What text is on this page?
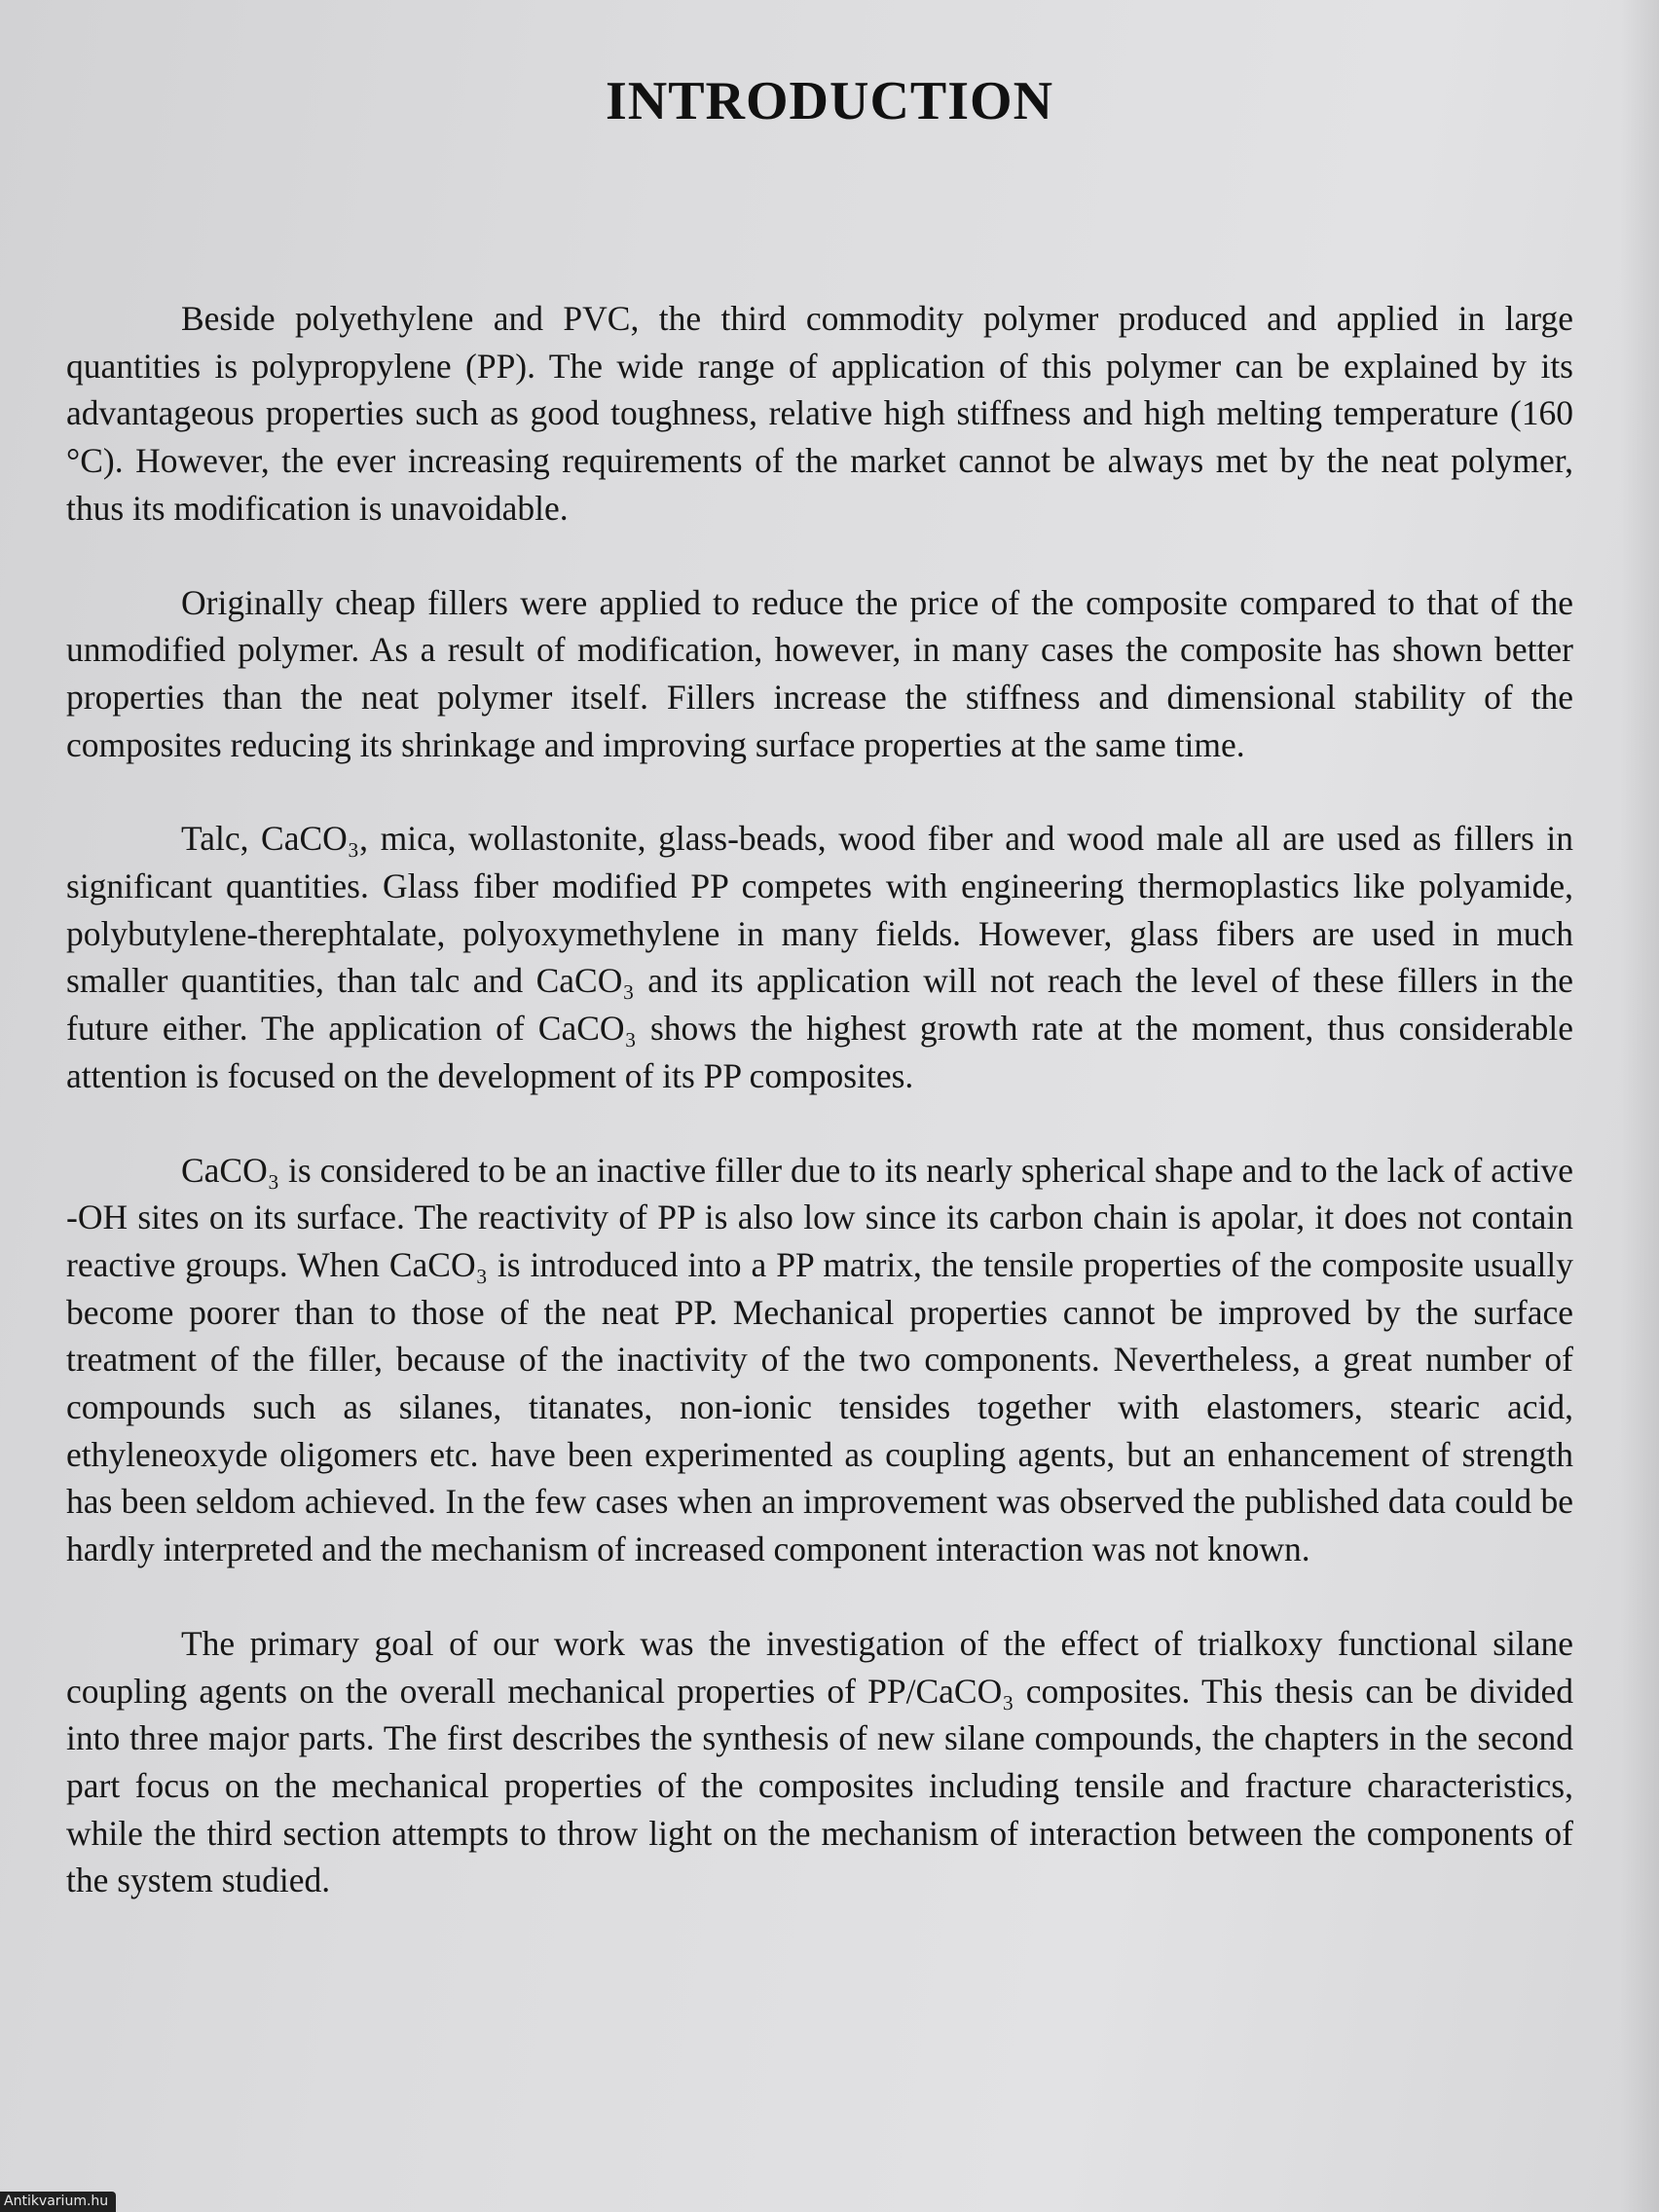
INTRODUCTION

Beside polyethylene and PVC, the third commodity polymer produced and applied in large quantities is polypropylene (PP). The wide range of application of this polymer can be explained by its advantageous properties such as good toughness, relative high stiffness and high melting temperature (160 °C). However, the ever increasing requirements of the market cannot be always met by the neat polymer, thus its modification is unavoidable.

Originally cheap fillers were applied to reduce the price of the composite compared to that of the unmodified polymer. As a result of modification, however, in many cases the composite has shown better properties than the neat polymer itself. Fillers increase the stiffness and dimensional stability of the composites reducing its shrinkage and improving surface properties at the same time.

Talc, CaCO₃, mica, wollastonite, glass-beads, wood fiber and wood male all are used as fillers in significant quantities. Glass fiber modified PP competes with engineering thermoplastics like polyamide, polybutylene-therephtalate, polyoxymethylene in many fields. However, glass fibers are used in much smaller quantities, than talc and CaCO₃ and its application will not reach the level of these fillers in the future either. The application of CaCO₃ shows the highest growth rate at the moment, thus considerable attention is focused on the development of its PP composites.

CaCO₃ is considered to be an inactive filler due to its nearly spherical shape and to the lack of active -OH sites on its surface. The reactivity of PP is also low since its carbon chain is apolar, it does not contain reactive groups. When CaCO₃ is introduced into a PP matrix, the tensile properties of the composite usually become poorer than to those of the neat PP. Mechanical properties cannot be improved by the surface treatment of the filler, because of the inactivity of the two components. Nevertheless, a great number of compounds such as silanes, titanates, non-ionic tensides together with elastomers, stearic acid, ethyleneoxyde oligomers etc. have been experimented as coupling agents, but an enhancement of strength has been seldom achieved. In the few cases when an improvement was observed the published data could be hardly interpreted and the mechanism of increased component interaction was not known.

The primary goal of our work was the investigation of the effect of trialkoxy functional silane coupling agents on the overall mechanical properties of PP/CaCO₃ composites. This thesis can be divided into three major parts. The first describes the synthesis of new silane compounds, the chapters in the second part focus on the mechanical properties of the composites including tensile and fracture characteristics, while the third section attempts to throw light on the mechanism of interaction between the components of the system studied.

Antikvarium.hu
